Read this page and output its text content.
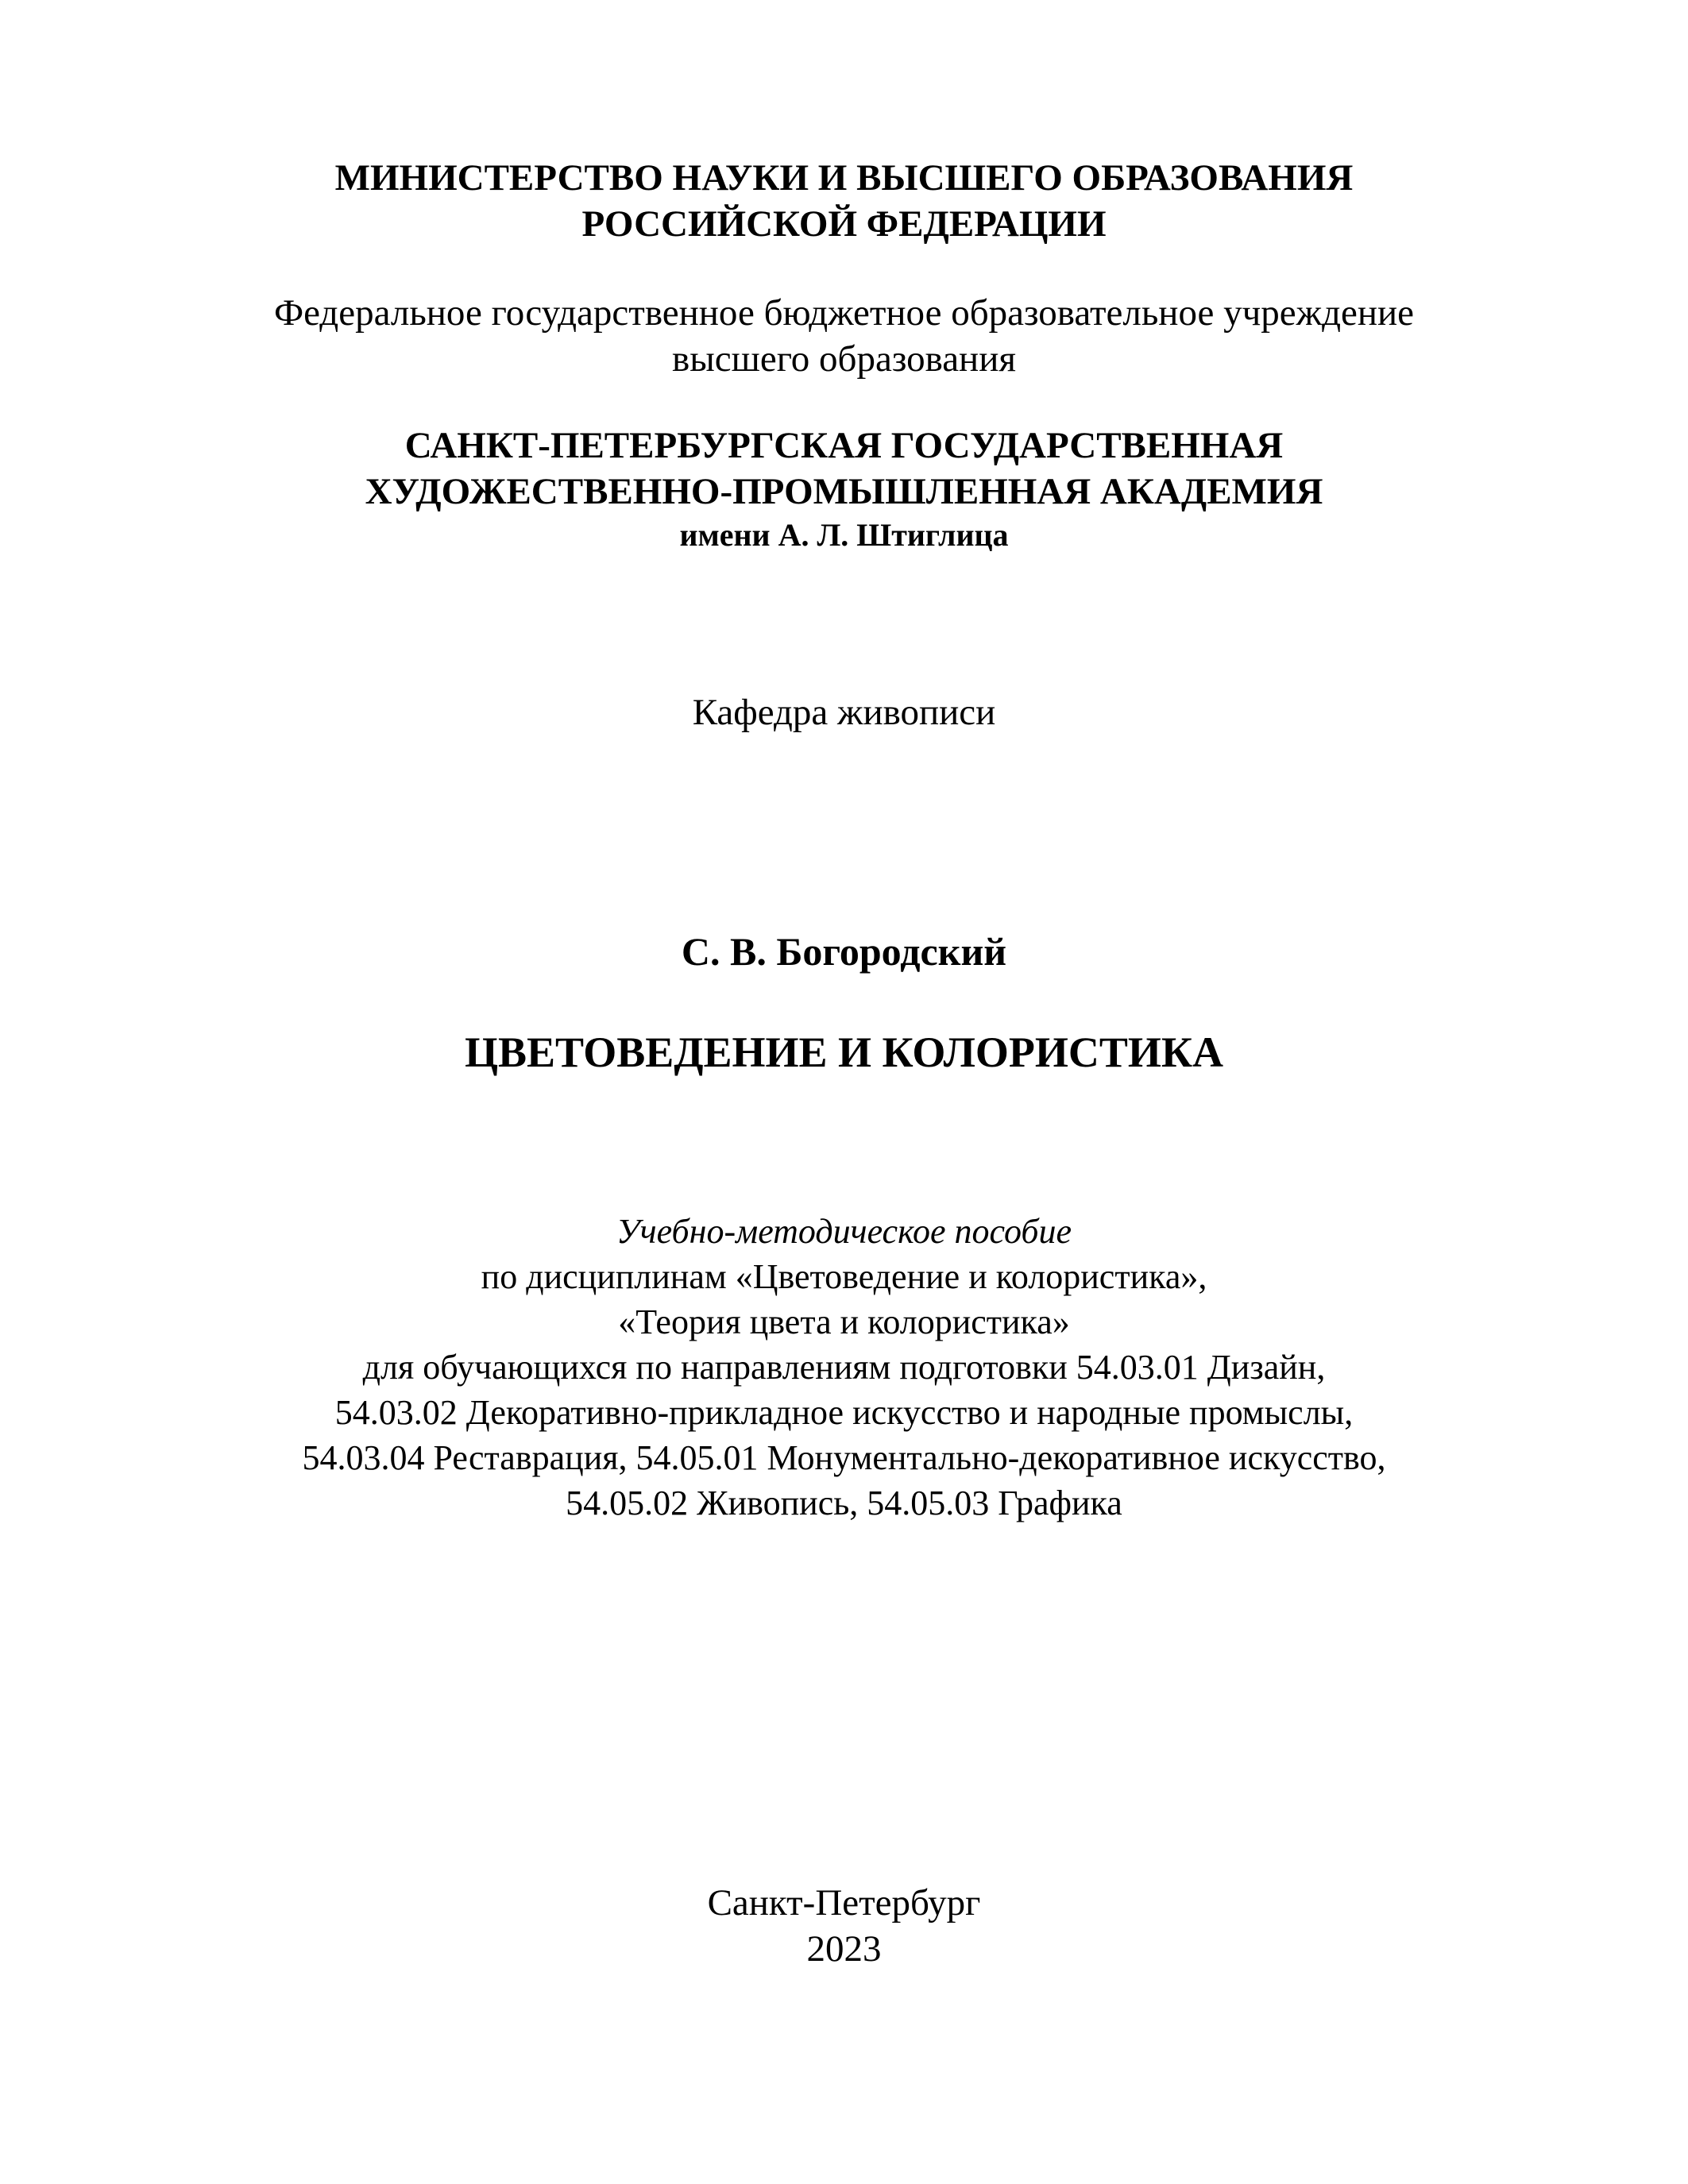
МИНИСТЕРСТВО НАУКИ И ВЫСШЕГО ОБРАЗОВАНИЯ
РОССИЙСКОЙ ФЕДЕРАЦИИ
Федеральное государственное бюджетное образовательное учреждение
высшего образования
САНКТ-ПЕТЕРБУРГСКАЯ ГОСУДАРСТВЕННАЯ
ХУДОЖЕСТВЕННО-ПРОМЫШЛЕННАЯ АКАДЕМИЯ
имени А. Л. Штиглица
Кафедра живописи
С. В. Богородский
ЦВЕТОВЕДЕНИЕ И КОЛОРИСТИКА
Учебно-методическое пособие
по дисциплинам «Цветоведение и колористика»,
«Теория цвета и колористика»
для обучающихся по направлениям подготовки 54.03.01 Дизайн,
54.03.02 Декоративно-прикладное искусство и народные промыслы,
54.03.04 Реставрация, 54.05.01 Монументально-декоративное искусство,
54.05.02 Живопись, 54.05.03 Графика
Санкт-Петербург
2023
